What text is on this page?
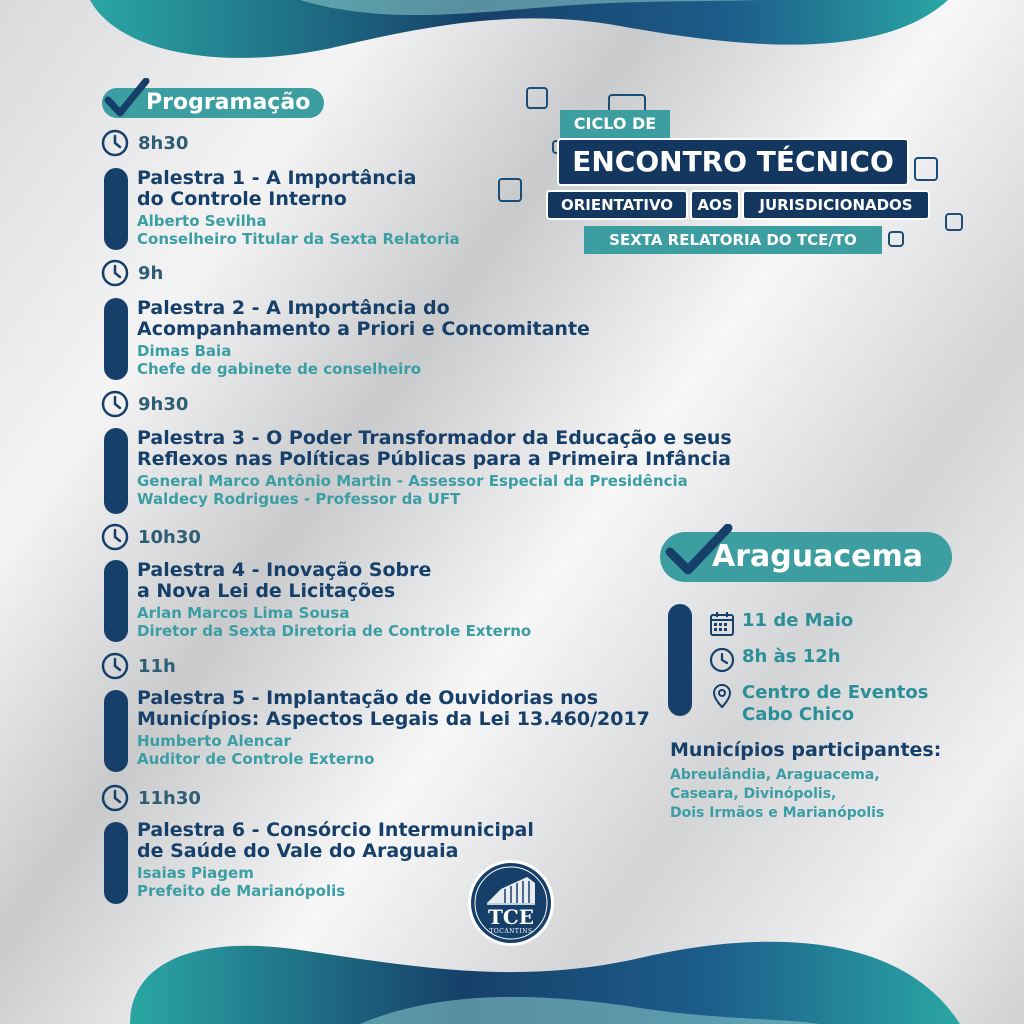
Programação
8h30
Palestra 1 - A Importância
do Controle Interno
Alberto Sevilha
Conselheiro Titular da Sexta Relatoria
9h
Palestra 2 - A Importância do
Acompanhamento a Priori e Concomitante
Dimas Baia
Chefe de gabinete de conselheiro
9h30
Palestra 3 - O Poder Transformador da Educação e seus
Reflexos nas Políticas Públicas para a Primeira Infância
General Marco Antônio Martin - Assessor Especial da Presidência
Waldecy Rodrigues - Professor da UFT
10h30
Palestra 4 - Inovação Sobre
a Nova Lei de Licitações
Arlan Marcos Lima Sousa
Diretor da Sexta Diretoria de Controle Externo
11h
Palestra 5 - Implantação de Ouvidorias nos
Municípios: Aspectos Legais da Lei 13.460/2017
Humberto Alencar
Auditor de Controle Externo
11h30
Palestra 6 - Consórcio Intermunicipal
de Saúde do Vale do Araguaia
Isaias Piagem
Prefeito de Marianópolis
CICLO DE
ENCONTRO TÉCNICO
ORIENTATIVO	AOS	JURISDICIONADOS
SEXTA RELATORIA DO TCE/TO
Araguacema
11 de Maio
8h às 12h
Centro de Eventos
Cabo Chico
Municípios participantes:
Abreulândia, Araguacema,
Caseara, Divinópolis,
Dois Irmãos e Marianópolis
TCE
TOCANTINS
